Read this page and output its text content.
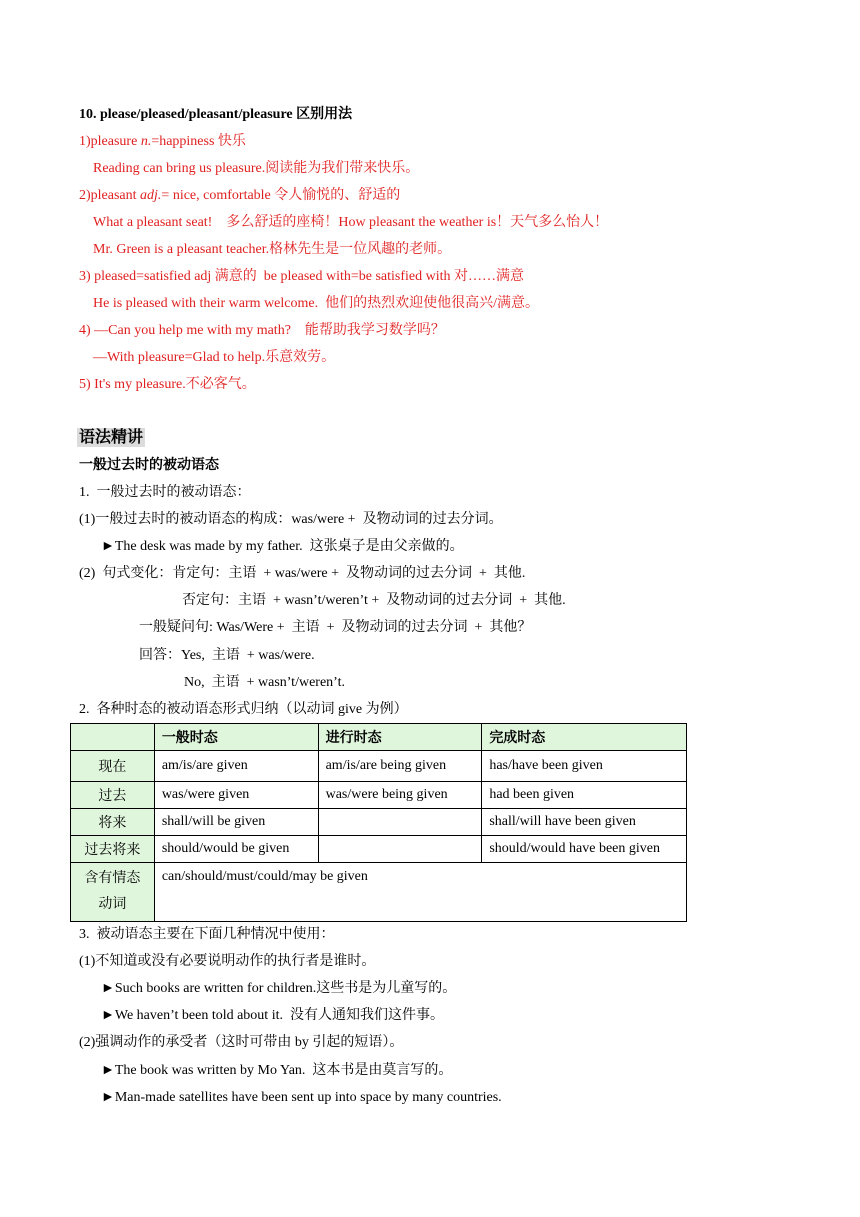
10. please/pleased/pleasant/pleasure 区别用法
1)pleasure n.=happiness 快乐
Reading can bring us pleasure.阅读能为我们带来快乐。
2)pleasant adj.= nice, comfortable 令人愉悦的、舒适的
What a pleasant seat!    多么舒适的座椅！How pleasant the weather is！天气多么怡人！
Mr. Green is a pleasant teacher.格林先生是一位风趣的老师。
3) pleased=satisfied adj 满意的  be pleased with=be satisfied with 对……满意
He is pleased with their warm welcome.  他们的热烈欢迎使他很高兴/满意。
4) —Can you help me with my math?    能帮助我学习数学吗？
—With pleasure=Glad to help.乐意效劳。
5) It's my pleasure.不必客气。
语法精讲
一般过去时的被动语态
1.  一般过去时的被动语态：
(1)一般过去时的被动语态的构成：was/were +  及物动词的过去分词。
►The desk was made by my father.  这张桌子是由父亲做的。
(2)  句式变化：肯定句：主语  + was/were +  及物动词的过去分词  +  其他.
否定句：主语  + wasn’t/weren’t +  及物动词的过去分词  +  其他.
一般疑问句: Was/Were +  主语  +  及物动词的过去分词  +  其他？
回答：Yes,  主语  + was/were.
No,  主语  + wasn’t/weren’t.
2.  各种时态的被动语态形式归纳（以动词 give 为例）
	一般时态	进行时态	完成时态
现在	am/is/are given	am/is/are being given	has/have been given
过去	was/were given	was/were being given	had been given
将来	shall/will be given		shall/will have been given
过去将来	should/would be given		should/would have been given
含有情态
动词	can/should/must/could/may be given		
3.  被动语态主要在下面几种情况中使用：
(1)不知道或没有必要说明动作的执行者是谁时。
►Such books are written for children.这些书是为儿童写的。
►We haven’t been told about it.  没有人通知我们这件事。
(2)强调动作的承受者（这时可带由 by 引起的短语）。
►The book was written by Mo Yan.  这本书是由莫言写的。
►Man-made satellites have been sent up into space by many countries.
